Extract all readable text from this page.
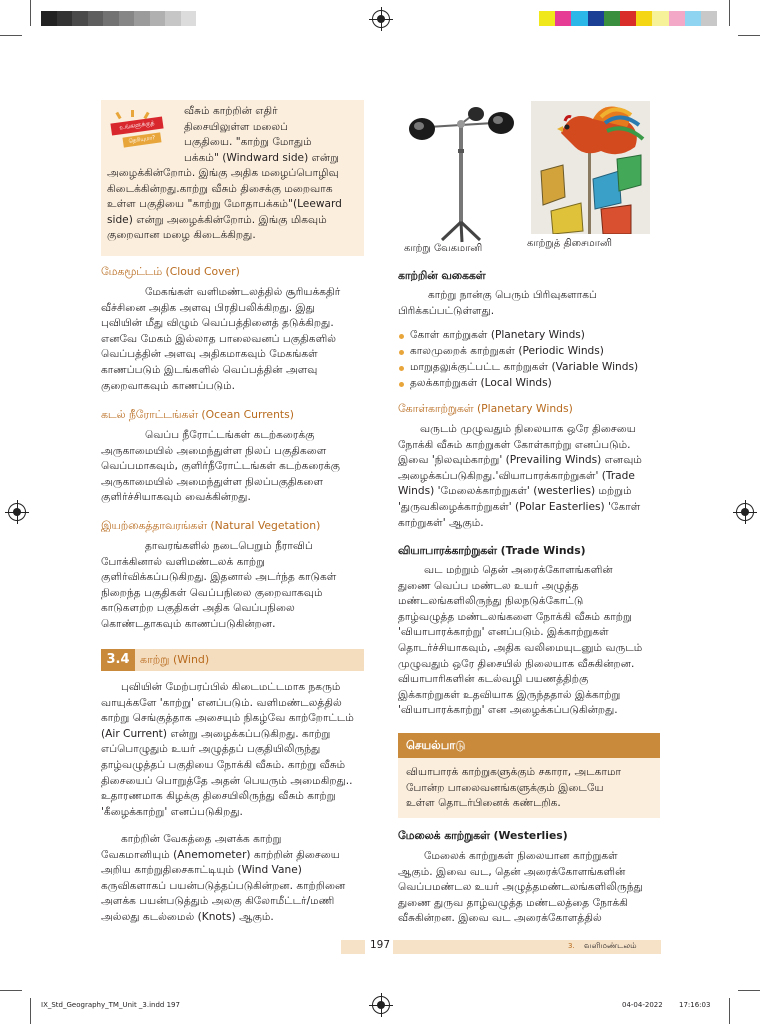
உங்களுக்குத்
தெரியுமா?
வீசும் காற்றின் எதிர்
திசையிலுள்ள மலைப்
பகுதியை. "காற்று மோதும்
பக்கம்" (Windward side) என்று
அழைக்கின்றோம். இங்கு அதிக மழைப்பொழிவு
கிடைக்கின்றது.காற்று வீசும் திசைக்கு மறைவாக
உள்ள பகுதியை "காற்று மோதாபக்கம்"(Leeward
side) என்று அழைக்கின்றோம். இங்கு மிகவும்
குறைவான மழை கிடைக்கிறது.
மேகமூட்டம் (Cloud Cover)
மேகங்கள் வளிமண்டலத்தில் சூரியக்கதிர்
வீச்சினை அதிக அளவு பிரதிபலிக்கிறது. இது
புவியின் மீது விழும் வெப்பத்தினைத் தடுக்கிறது.
எனவே மேகம் இல்லாத பாலைவனப் பகுதிகளில்
வெப்பத்தின் அளவு அதிகமாகவும் மேகங்கள்
காணப்படும் இடங்களில் வெப்பத்தின் அளவு
குறைவாகவும் காணப்படும்.
கடல் நீரோட்டங்கள் (Ocean Currents)
வெப்ப நீரோட்டங்கள் கடற்கரைக்கு
அருகாமையில் அமைந்துள்ள நிலப் பகுதிகளை
வெப்பமாகவும், குளிர்நீரோட்டங்கள் கடற்கரைக்கு
அருகாமையில் அமைந்துள்ள நிலப்பகுதிகளை
குளிர்ச்சியாகவும் வைக்கின்றது.
இயற்கைத்தாவரங்கள் (Natural Vegetation)
தாவரங்களில் நடைபெறும் நீராவிப்
போக்கினால் வளிமண்டலக் காற்று
குளிர்விக்கப்படுகிறது. இதனால் அடர்ந்த காடுகள்
நிறைந்த பகுதிகள் வெப்பநிலை குறைவாகவும்
காடுகளற்ற பகுதிகள் அதிக வெப்பநிலை
கொண்டதாகவும் காணப்படுகின்றன.
3.4 காற்று (Wind)
புவியின் மேற்பரப்பில் கிடைமட்டமாக நகரும்
வாயுக்களே 'காற்று' எனப்படும். வளிமண்டலத்தில்
காற்று செங்குத்தாக அசையும் நிகழ்வே காற்றோட்டம்
(Air Current) என்று அழைக்கப்படுகிறது. காற்று
எப்பொழுதும் உயர் அழுத்தப் பகுதியிலிருந்து
தாழ்வழுத்தப் பகுதியை நோக்கி வீசும். காற்று வீசும்
திசையைப் பொறுத்தே அதன் பெயரும் அமைகிறது..
உதாரணமாக கிழக்கு திசையிலிருந்து வீசும் காற்று
'கீழைக்காற்று' எனப்படுகிறது.
காற்றின் வேகத்தை அளக்க காற்று
வேகமானியும் (Anemometer) காற்றின் திசையை
அறிய காற்றுதிசைகாட்டியும் (Wind Vane)
கருவிகளாகப் பயன்படுத்தப்படுகின்றன. காற்றினை
அளக்க பயன்படுத்தும் அலகு கிலோமீட்டர்/மணி
அல்லது கடல்மைல் (Knots) ஆகும்.
காற்று வேகமானி	காற்றுத் திசைமானி
காற்றின் வகைகள்
காற்று நான்கு பெரும் பிரிவுகளாகப்
பிரிக்கப்பட்டுள்ளது.
கோள் காற்றுகள் (Planetary Winds)
காலமுறைக் காற்றுகள் (Periodic Winds)
மாறுதலுக்குட்பட்ட காற்றுகள் (Variable Winds)
தலக்காற்றுகள் (Local Winds)
கோள்காற்றுகள் (Planetary Winds)
வருடம் முழுவதும் நிலையாக ஒரே திசையை
நோக்கி வீசும் காற்றுகள் கோள்காற்று எனப்படும்.
இவை 'நிலவும்காற்று' (Prevailing Winds) எனவும்
அழைக்கப்படுகிறது.'வியாபாரக்காற்றுகள்' (Trade
Winds) 'மேலைக்காற்றுகள்' (westerlies) மற்றும்
'துருவகிழைக்காற்றுகள்' (Polar Easterlies) 'கோள்
காற்றுகள்' ஆகும்.
வியாபாரக்காற்றுகள் (Trade Winds)
வட மற்றும் தென் அரைக்கோளங்களின்
துணை வெப்ப மண்டல உயர் அழுத்த
மண்டலங்களிலிருந்து நிலநடுக்கோட்டு
தாழ்வழுத்த மண்டலங்களை நோக்கி வீசும் காற்று
'வியாபாரக்காற்று' எனப்படும். இக்காற்றுகள்
தொடர்ச்சியாகவும், அதிக வலிமையுடனும் வருடம்
முழுவதும் ஒரே திசையில் நிலையாக வீசுகின்றன.
வியாபாரிகளின் கடல்வழி பயணத்திற்கு
இக்காற்றுகள் உதவியாக இருந்ததால் இக்காற்று
'வியாபாரக்காற்று' என அழைக்கப்படுகின்றது.
செயல்பாடு
வியாபாரக் காற்றுகளுக்கும் சகாரா, அடகாமா
போன்ற பாலைவனங்களுக்கும் இடையே
உள்ள தொடர்பினைக் கண்டறிக.
மேலைக் காற்றுகள் (Westerlies)
மேலைக் காற்றுகள் நிலையான காற்றுகள்
ஆகும். இவை வட, தென் அரைக்கோளங்களின்
வெப்பமண்டல உயர் அழுத்தமண்டலங்களிலிருந்து
துணை துருவ தாழ்வழுத்த மண்டலத்தை நோக்கி
வீசுகின்றன. இவை வட அரைக்கோளத்தில்
197	3. வளிமண்டலம்
IX_Std_Geography_TM_Unit _3.indd 197	04-04-2022 17:16:03
